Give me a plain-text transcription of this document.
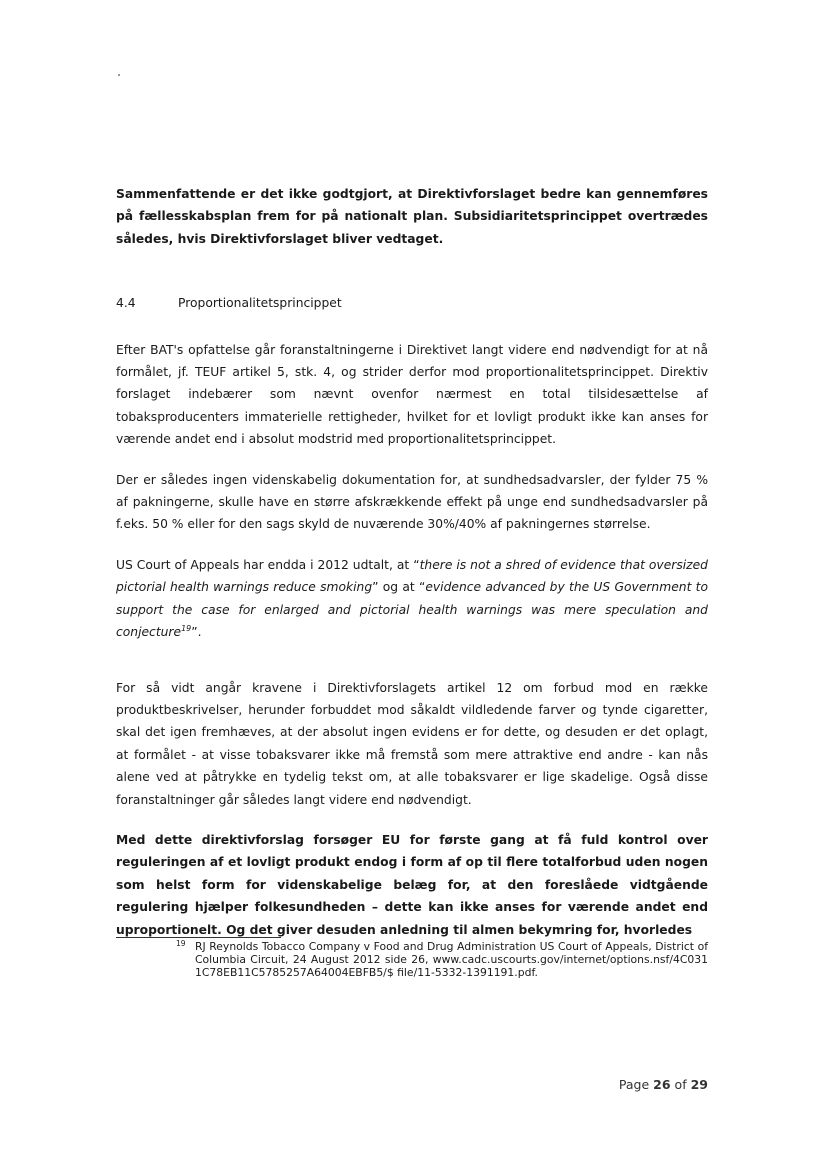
Sammenfattende er det ikke godtgjort, at Direktivforslaget bedre kan gennemføres på fællesskabsplan frem for på nationalt plan. Subsidiaritetsprincippet overtrædes således, hvis Direktivforslaget bliver vedtaget.

4.4	Proportionalitetsprincippet

Efter BAT's opfattelse går foranstaltningerne i Direktivet langt videre end nødvendigt for at nå formålet, jf. TEUF artikel 5, stk. 4, og strider derfor mod proportionalitetsprincippet. Direktiv forslaget indebærer som nævnt ovenfor nærmest en total tilsidesættelse af tobaksproducenters immaterielle rettigheder, hvilket for et lovligt produkt ikke kan anses for værende andet end i absolut modstrid med proportionalitetsprincippet.

Der er således ingen videnskabelig dokumentation for, at sundhedsadvarsler, der fylder 75 % af pakningerne, skulle have en større afskrækkende effekt på unge end sundhedsadvarsler på f.eks. 50 % eller for den sags skyld de nuværende 30%/40% af pakningernes størrelse.

US Court of Appeals har endda i 2012 udtalt, at “there is not a shred of evidence that oversized pictorial health warnings reduce smoking” og at “evidence advanced by the US Government to support the case for enlarged and pictorial health warnings was mere speculation and conjecture$^{19}$”.

For så vidt angår kravene i Direktivforslagets artikel 12 om forbud mod en række produktbeskrivelser, herunder forbuddet mod såkaldt vildledende farver og tynde cigaretter, skal det igen fremhæves, at der absolut ingen evidens er for dette, og desuden er det oplagt, at formålet - at visse tobaksvarer ikke må fremstå som mere attraktive end andre - kan nås alene ved at påtrykke en tydelig tekst om, at alle tobaksvarer er lige skadelige. Også disse foranstaltninger går således langt videre end nødvendigt.

Med dette direktivforslag forsøger EU for første gang at få fuld kontrol over reguleringen af et lovligt produkt endog i form af op til flere totalforbud uden nogen som helst form for videnskabelige belæg for, at den foreslåede vidtgående regulering hjælper folkesundheden – dette kan ikke anses for værende andet end uproportionelt. Og det giver desuden anledning til almen bekymring for, hvorledes

19 RJ Reynolds Tobacco Company v Food and Drug Administration US Court of Appeals, District of Columbia Circuit, 24 August 2012 side 26, www.cadc.uscourts.gov/internet/options.nsf/4C0311C78EB11C5785257A64004EBFB5/$ file/11-5332-1391191.pdf.
Page 26 of 29
